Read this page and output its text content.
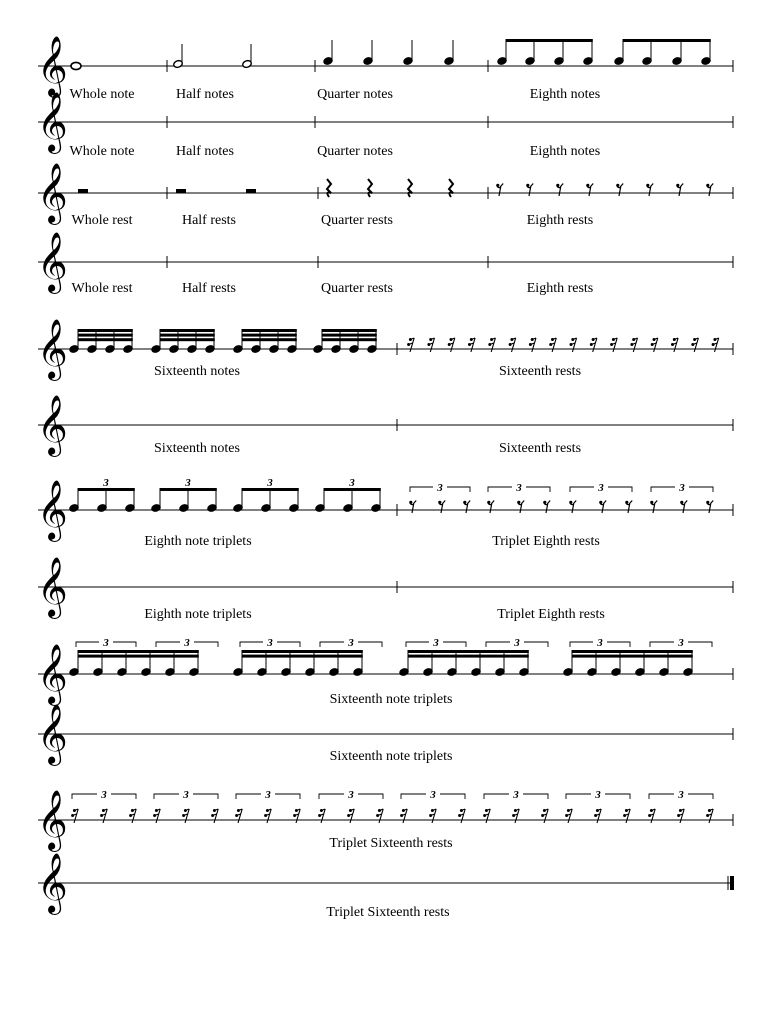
𝄞 Whole note	Half notes	Quarter notes	Eighth notes
𝄞 Whole note	Half notes	Quarter notes	Eighth notes
𝄞 Whole rest	Half rests	Quarter rests	Eighth rests
𝄞 Whole rest	Half rests	Quarter rests	Eighth rests
𝄞	Sixteenth notes	Sixteenth rests
𝄞	Sixteenth notes	Sixteenth rests
𝄞
Eighth note triplets	Triplet Eighth rests
3	3	3	3	3	3	3	3
𝄞	Eighth note triplets	Triplet Eighth rests
𝄞	Sixteenth note triplets
3	3	3	3	3	3	3	3
𝄞	Sixteenth note triplets
𝄞	Triplet Sixteenth rests
3	3	3	3	3	3	3	3
𝄞	Triplet Sixteenth rests
